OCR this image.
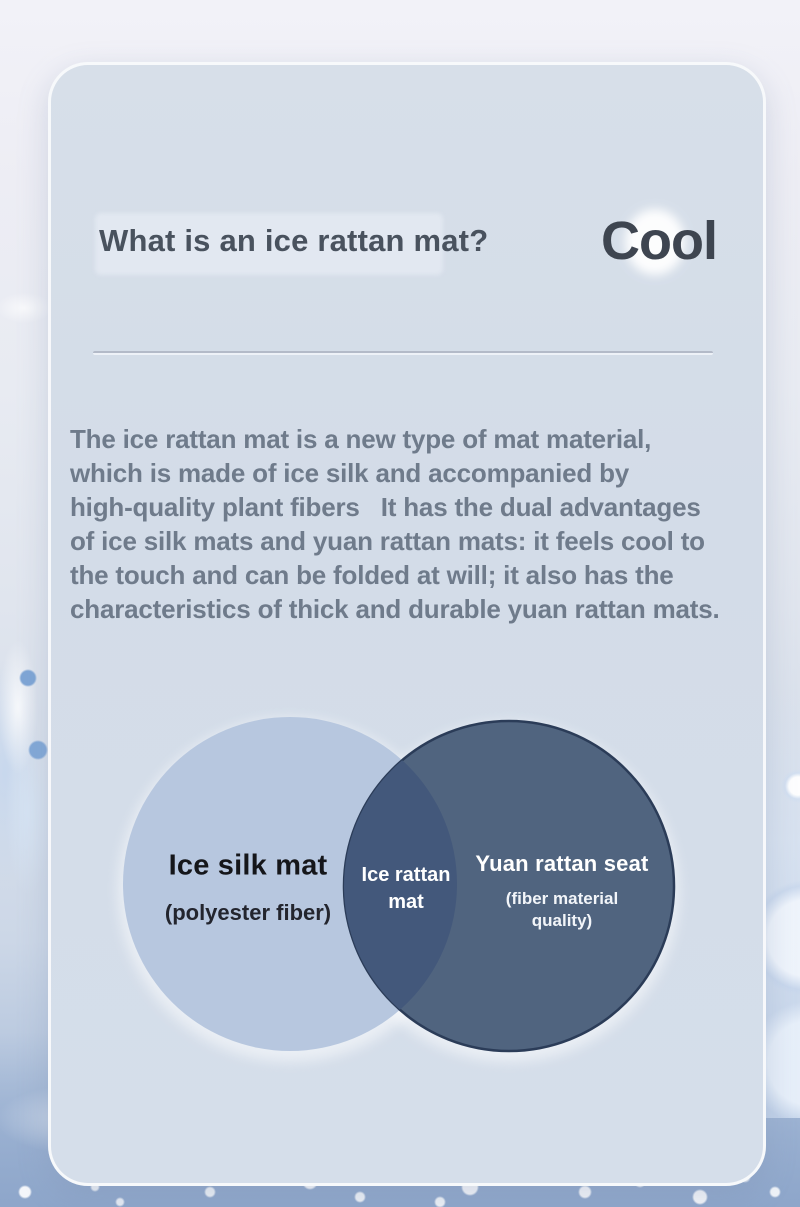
What is an ice rattan mat? Cool
The ice rattan mat is a new type of mat material,
which is made of ice silk and accompanied by
high-quality plant fibers   It has the dual advantages
of ice silk mats and yuan rattan mats: it feels cool to
the touch and can be folded at will; it also has the
characteristics of thick and durable yuan rattan mats.
Ice silk mat
(polyester fiber)
Ice rattan mat
Yuan rattan seat
(fiber material quality)
